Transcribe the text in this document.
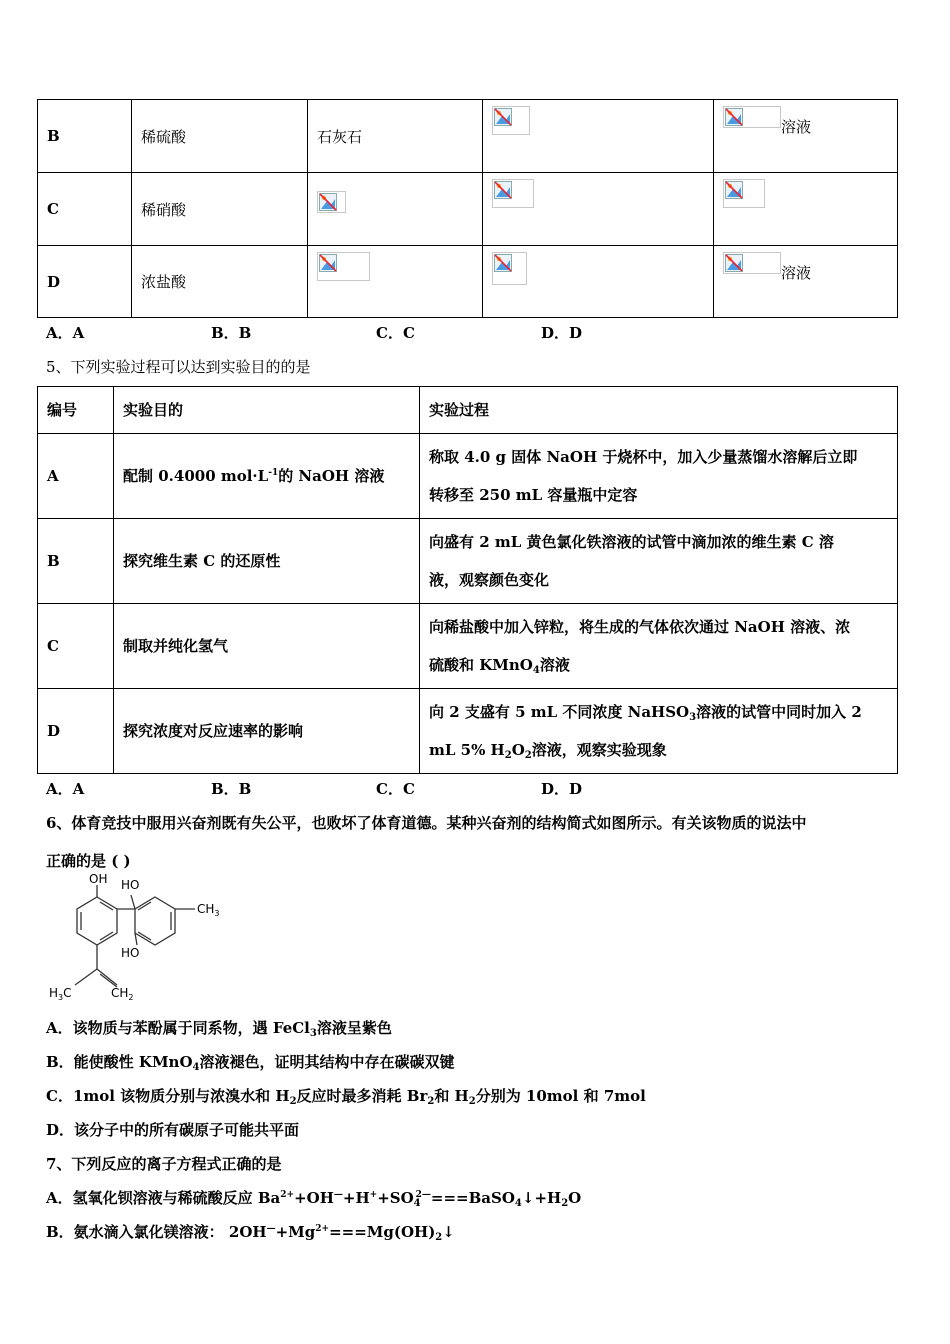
B	稀硫酸	石灰石		溶液
C	稀硝酸	

D	浓盐酸			溶液
A．A	B．B	C．C	D．D
5、下列实验过程可以达到实验目的的是
编号	实验目的	实验过程
A	配制 0.4000 $mol\cdot L^{-1}$的 NaOH 溶液	称取 4.0 g 固体 NaOH 于烧杯中，加入少量蒸馏水溶解后立即
转移至 250 mL 容量瓶中定容

B	探究维生素 C 的还原性	向盛有 2 mL 黄色氯化铁溶液的试管中滴加浓的维生素 C 溶
液，观察颜色变化

C	制取并纯化氢气	向稀盐酸中加入锌粒，将生成的气体依次通过 NaOH 溶液、浓
硫酸和 KMnO$_4$溶液

D	探究浓度对反应速率的影响	向 2 支盛有 5 mL 不同浓度 NaHSO$_3$溶液的试管中同时加入 2
mL 5% $H_2O_2$溶液，观察实验现象
A．A	B．B	C．C	D．D
6、体育竞技中服用兴奋剂既有失公平，也败坏了体育道德。某种兴奋剂的结构简式如图所示。有关该物质的说法中
正确的是 ( )
OH HO
HO
$CH_3$
$H_3C$	$CH_2$
A．该物质与苯酚属于同系物，遇 FeCl$_3$溶液呈紫色
B．能使酸性 KMnO$_4$溶液褪色，证明其结构中存在碳碳双键
C．1mol 该物质分别与浓溴水和 $H_2$反应时最多消耗 $Br_2$和 $H_2$分别为 10mol 和 7mol
D．该分子中的所有碳原子可能共平面
7、下列反应的离子方程式正确的是
A．氢氧化钡溶液与稀硫酸反应 $Ba^{2+}+OH^—+H^++SO_4^{2—}===BaSO_4↓+H_2O$
B．氨水滴入氯化镁溶液： $2OH^—+Mg^{2+}===Mg(OH)_2↓$
